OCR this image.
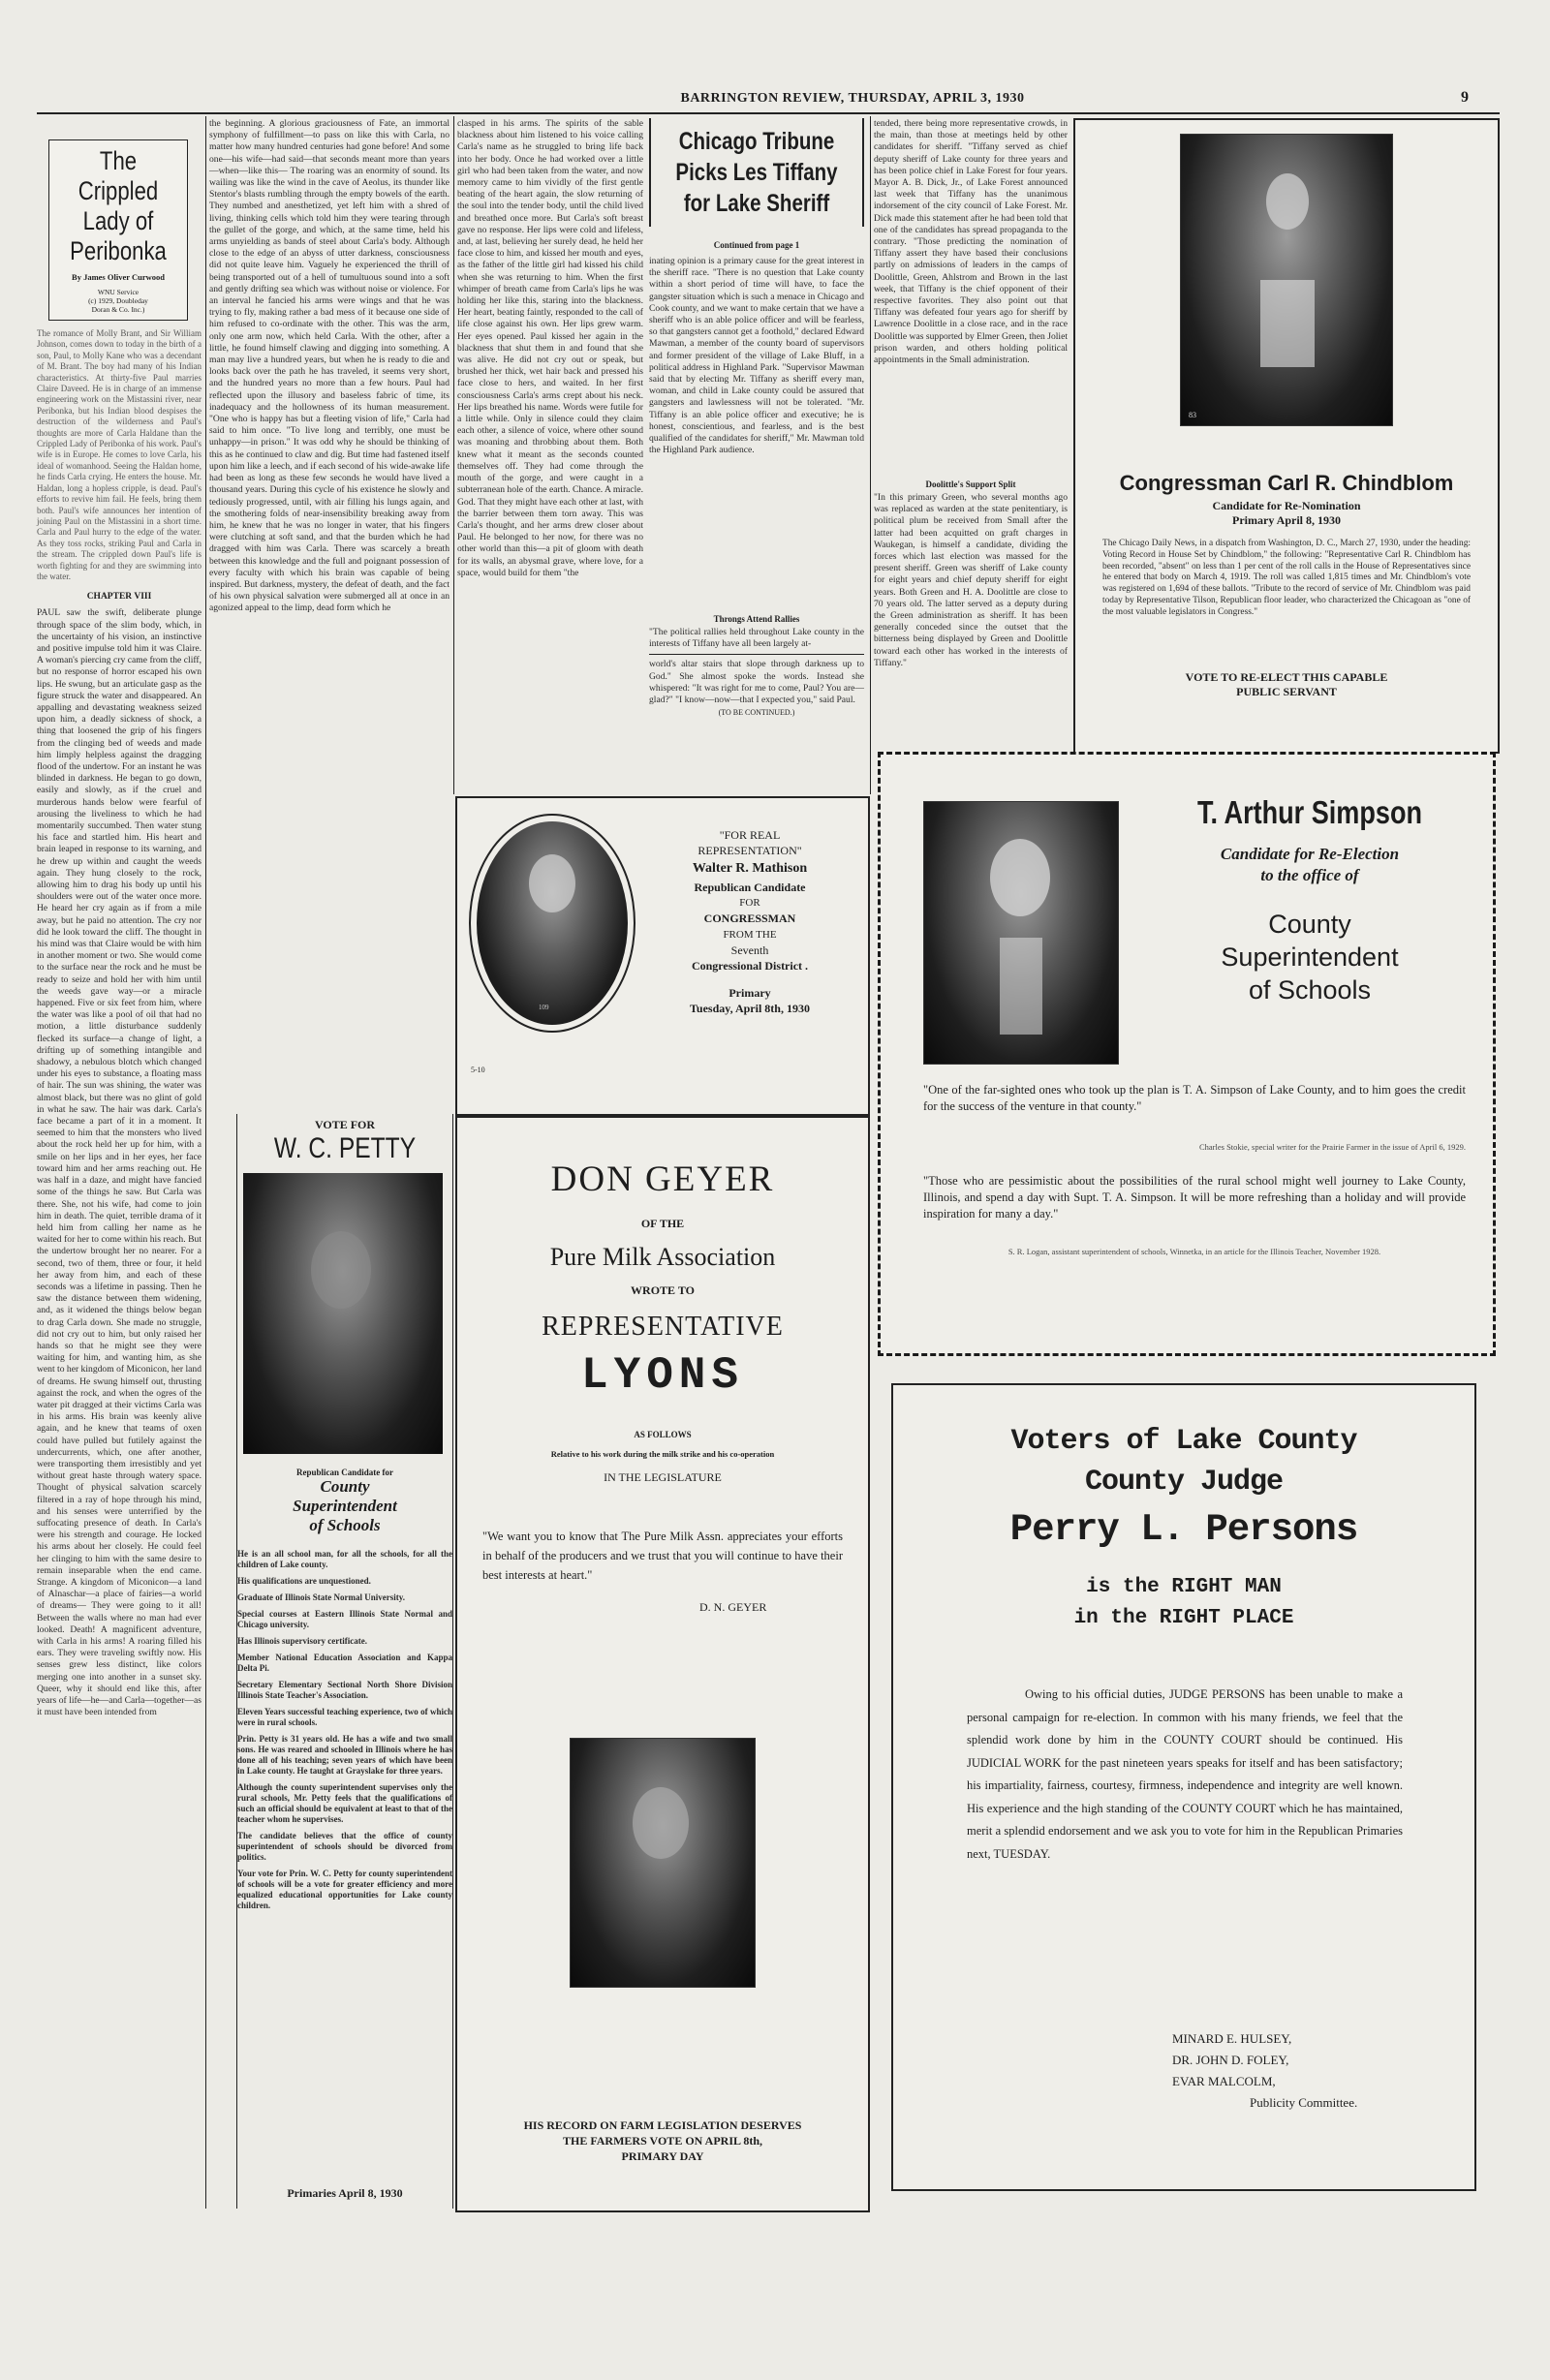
BARRINGTON REVIEW, THURSDAY, APRIL 3, 1930	9
The Crippled
Lady of
Peribonka
By James Oliver Curwood
WNU Service
(c) 1929, Doubleday
Doran & Co. Inc.)
The romance of Molly Brant, and Sir William Johnson, comes down to today in the birth of a son, Paul, to Molly Kane who was a decendant of M. Brant. The boy had many of his Indian characteristics. At thirty-five Paul marries Claire Daveed. He is in charge of an immense engineering work on the Mistassini river, near Peribonka, but his Indian blood despises the destruction of the wilderness and Paul's thoughts are more of Carla Haldane than the Crippled Lady of Peribonka of his work. Paul's wife is in Europe. He comes to love Carla, his ideal of womanhood. Seeing the Haldan home, he finds Carla crying. He enters the house. Mr. Haldan, long a hopless cripple, is dead. Paul's efforts to revive him fail. He feels, bring them both. Paul's wife announces her intention of joining Paul on the Mistassini in a short time. Carla and Paul hurry to the edge of the water. As they toss rocks, striking Paul and Carla in the stream. The crippled down Paul's life is worth fighting for and they are swimming into the water.
CHAPTER VIII
PAUL saw the swift, deliberate plunge through space of the slim body, which, in the uncertainty of his vision, an instinctive and positive impulse told him it was Claire. A woman's piercing cry came from the cliff, but no response of horror escaped his own lips. He swung, but an articulate gasp as the figure struck the water and disappeared. An appalling and devastating weakness seized upon him, a deadly sickness of shock, a thing that loosened the grip of his fingers from the clinging bed of weeds and made him limply helpless against the dragging flood of the undertow. For an instant he was blinded in darkness. He began to go down, easily and slowly, as if the cruel and murderous hands below were fearful of arousing the liveliness to which he had momentarily succumbed. Then water stung his face and startled him. His heart and brain leaped in response to its warning, and he drew up within and caught the weeds again. They hung closely to the rock, allowing him to drag his body up until his shoulders were out of the water once more. He heard her cry again as if from a mile away, but he paid no attention. The cry nor did he look toward the cliff. The thought in his mind was that Claire would be with him in another moment or two. She would come to the surface near the rock and he must be ready to seize and hold her with him until the weeds gave way—or a miracle happened. Five or six feet from him, where the water was like a pool of oil that had no motion, a little disturbance suddenly flecked its surface—a change of light, a drifting up of something intangible and shadowy, a nebulous blotch which changed under his eyes to substance, a floating mass of hair. The sun was shining, the water was almost black, but there was no glint of gold in what he saw. The hair was dark. Carla's face became a part of it in a moment. It seemed to him that the monsters who lived about the rock held her up for him, with a smile on her lips and in her eyes, her face toward him and her arms reaching out. He was half in a daze, and might have fancied some of the things he saw. But Carla was there. She, not his wife, had come to join him in death. The quiet, terrible drama of it held him from calling her name as he waited for her to come within his reach. But the undertow brought her no nearer. For a second, two of them, three or four, it held her away from him, and each of these seconds was a lifetime in passing. Then he saw the distance between them widening, and, as it widened the things below began to drag Carla down. She made no struggle, did not cry out to him, but only raised her hands so that he might see they were waiting for him, and wanting him, as she went to her kingdom of Miconicon, her land of dreams. He swung himself out, thrusting against the rock, and when the ogres of the water pit dragged at their victims Carla was in his arms. His brain was keenly alive again, and he knew that teams of oxen could have pulled but futilely against the undercurrents, which, one after another, were transporting them irresistibly and yet without great haste through watery space. Thought of physical salvation scarcely filtered in a ray of hope through his mind, and his senses were unterrified by the suffocating presence of death. In Carla's were his strength and courage. He locked his arms about her closely. He could feel her clinging to him with the same desire to remain inseparable when the end came. Strange. A kingdom of Miconicon—a land of Alnaschar—a place of fairies—a world of dreams— They were going to it all! Between the walls where no man had ever looked. Death! A magnificent adventure, with Carla in his arms! A roaring filled his ears. They were traveling swiftly now. His senses grew less distinct, like colors merging one into another in a sunset sky. Queer, why it should end like this, after years of life—he—and Carla—together—as it must have been intended from
the beginning. A glorious graciousness of Fate, an immortal symphony of fulfillment—to pass on like this with Carla, no matter how many hundred centuries had gone before! And some one—his wife—had said—that seconds meant more than years—when—like this— The roaring was an enormity of sound. Its wailing was like the wind in the cave of Aeolus, its thunder like Stentor's blasts rumbling through the empty bowels of the earth. They numbed and anesthetized, yet left him with a shred of living, thinking cells which told him they were tearing through the gullet of the gorge, and which, at the same time, held his arms unyielding as bands of steel about Carla's body. Although close to the edge of an abyss of utter darkness, consciousness did not quite leave him. Vaguely he experienced the thrill of being transported out of a hell of tumultuous sound into a soft and gently drifting sea which was without noise or violence. For an interval he fancied his arms were wings and that he was trying to fly, making rather a bad mess of it because one side of him refused to co-ordinate with the other. This was the arm, only one arm now, which held Carla. With the other, after a little, he found himself clawing and digging into something. A man may live a hundred years, but when he is ready to die and looks back over the path he has traveled, it seems very short, and the hundred years no more than a few hours. Paul had reflected upon the illusory and baseless fabric of time, its inadequacy and the hollowness of its human measurement. "One who is happy has but a fleeting vision of life," Carla had said to him once. "To live long and terribly, one must be unhappy—in prison." It was odd why he should be thinking of this as he continued to claw and dig. But time had fastened itself upon him like a leech, and if each second of his wide-awake life had been as long as these few seconds he would have lived a thousand years. During this cycle of his existence he slowly and tediously progressed, until, with air filling his lungs again, and the smothering folds of near-insensibility breaking away from him, he knew that he was no longer in water, that his fingers were clutching at soft sand, and that the burden which he had dragged with him was Carla. There was scarcely a breath between this knowledge and the full and poignant possession of every faculty with which his brain was capable of being inspired. But darkness, mystery, the defeat of death, and the fact of his own physical salvation were submerged all at once in an agonized appeal to the limp, dead form which he
clasped in his arms. The spirits of the sable blackness about him listened to his voice calling Carla's name as he struggled to bring life back into her body. Once he had worked over a little girl who had been taken from the water, and now memory came to him vividly of the first gentle beating of the heart again, the slow returning of the soul into the tender body, until the child lived and breathed once more. But Carla's soft breast gave no response. Her lips were cold and lifeless, and, at last, believing her surely dead, he held her face close to him, and kissed her mouth and eyes, as the father of the little girl had kissed his child when she was returning to him. When the first whimper of breath came from Carla's lips he was holding her like this, staring into the blackness. Her heart, beating faintly, responded to the call of life close against his own. Her lips grew warm. Her eyes opened. Paul kissed her again in the blackness that shut them in and found that she was alive. He did not cry out or speak, but brushed her thick, wet hair back and pressed his face close to hers, and waited. In her first consciousness Carla's arms crept about his neck. Her lips breathed his name. Words were futile for a little while. Only in silence could they claim each other, a silence of voice, where other sound was moaning and throbbing about them. Both knew what it meant as the seconds counted themselves off. They had come through the mouth of the gorge, and were caught in a subterranean hole of the earth. Chance. A miracle. God. That they might have each other at last, with the barrier between them torn away. This was Carla's thought, and her arms drew closer about Paul. He belonged to her now, for there was no other world than this—a pit of gloom with death for its walls, an abysmal grave, where love, for a space, would build for them "the
Chicago Tribune
Picks Les Tiffany
for Lake Sheriff
Continued from page 1
inating opinion is a primary cause for the great interest in the sheriff race. "There is no question that Lake county within a short period of time will have, to face the gangster situation which is such a menace in Chicago and Cook county, and we want to make certain that we have a sheriff who is an able police officer and will be fearless, so that gangsters cannot get a foothold," declared Edward Mawman, a member of the county board of supervisors and former president of the village of Lake Bluff, in a political address in Highland Park. "Supervisor Mawman said that by electing Mr. Tiffany as sheriff every man, woman, and child in Lake county could be assured that gangsters and lawlessness will not be tolerated. "Mr. Tiffany is an able police officer and executive; he is honest, conscientious, and fearless, and is the best qualified of the candidates for sheriff," Mr. Mawman told the Highland Park audience.
Throngs Attend Rallies
"The political rallies held throughout Lake county in the interests of Tiffany have all been largely at-
world's altar stairs that slope through darkness up to God." She almost spoke the words. Instead she whispered: "It was right for me to come, Paul? You are—glad?" "I know—now—that I expected you," said Paul.
(TO BE CONTINUED.)
tended, there being more representative crowds, in the main, than those at meetings held by other candidates for sheriff. "Tiffany served as chief deputy sheriff of Lake county for three years and has been police chief in Lake Forest for four years. Mayor A. B. Dick, Jr., of Lake Forest announced last week that Tiffany has the unanimous indorsement of the city council of Lake Forest. Mr. Dick made this statement after he had been told that one of the candidates has spread propaganda to the contrary. "Those predicting the nomination of Tiffany assert they have based their conclusions partly on admissions of leaders in the camps of Doolittle, Green, Ahlstrom and Brown in the last week, that Tiffany is the chief opponent of their respective favorites. They also point out that Tiffany was defeated four years ago for sheriff by Lawrence Doolittle in a close race, and in the race Doolittle was supported by Elmer Green, then Joliet prison warden, and others holding political appointments in the Small administration.
Doolittle's Support Split
"In this primary Green, who several months ago was replaced as warden at the state penitentiary, is political plum be received from Small after the latter had been acquitted on graft charges in Waukegan, is himself a candidate, dividing the forces which last election was massed for the present sheriff. Green was sheriff of Lake county for eight years and chief deputy sheriff for eight years. Both Green and H. A. Doolittle are close to 70 years old. The latter served as a deputy during the Green administration as sheriff. It has been generally conceded since the outset that the bitterness being displayed by Green and Doolittle toward each other has worked in the interests of Tiffany."
83
Congressman Carl R. Chindblom
Candidate for Re-Nomination
Primary April 8, 1930
The Chicago Daily News, in a dispatch from Washington, D. C., March 27, 1930, under the heading: Voting Record in House Set by Chindblom," the following: "Representative Carl R. Chindblom has been recorded, "absent" on less than 1 per cent of the roll calls in the House of Representatives since he entered that body on March 4, 1919. The roll was called 1,815 times and Mr. Chindblom's vote was registered on 1,694 of these ballots. "Tribute to the record of service of Mr. Chindblom was paid today by Representative Tilson, Republican floor leader, who characterized the Chicagoan as "one of the most valuable legislators in Congress."
VOTE TO RE-ELECT THIS CAPABLE
PUBLIC SERVANT
109
5-10
"FOR REAL
REPRESENTATION"
Walter R. Mathison
Republican Candidate
FOR
CONGRESSMAN
FROM THE
Seventh
Congressional District .
Primary
Tuesday, April 8th, 1930
T. Arthur Simpson
Candidate for Re-Election
to the office of
County
Superintendent
of Schools
"One of the far-sighted ones who took up the plan is T. A. Simpson of Lake County, and to him goes the credit for the success of the venture in that county."
Charles Stokie, special writer for the Prairie Farmer in the issue of April 6, 1929.
"Those who are pessimistic about the possibilities of the rural school might well journey to Lake County, Illinois, and spend a day with Supt. T. A. Simpson. It will be more refreshing than a holiday and will provide inspiration for many a day."
S. R. Logan, assistant superintendent of schools, Winnetka, in an article for the Illinois Teacher, November 1928.
VOTE FOR
W. C. PETTY
Republican Candidate for
County
Superintendent
of Schools

He is an all school man, for all the schools, for all the children of Lake county.

His qualifications are unquestioned.

Graduate of Illinois State Normal University.

Special courses at Eastern Illinois State Normal and Chicago university.

Has Illinois supervisory certificate.

Member National Education Association and Kappa Delta Pi.

Secretary Elementary Sectional North Shore Division Illinois State Teacher's Association.

Eleven Years successful teaching experience, two of which were in rural schools.

Prin. Petty is 31 years old. He has a wife and two small sons. He was reared and schooled in Illinois where he has done all of his teaching; seven years of which have been in Lake county. He taught at Grayslake for three years.

Although the county superintendent supervises only the rural schools, Mr. Petty feels that the qualifications of such an official should be equivalent at least to that of the teacher whom he supervises.

The candidate believes that the office of county superintendent of schools should be divorced from politics.

Your vote for Prin. W. C. Petty for county superintendent of schools will be a vote for greater efficiency and more equalized educational opportunities for Lake county children.

Primaries April 8, 1930
DON GEYER
OF THE
Pure Milk Association
WROTE TO
REPRESENTATIVE
LYONS
AS FOLLOWS
Relative to his work during the milk strike and his co-operation
IN THE LEGISLATURE
"We want you to know that The Pure Milk Assn. appreciates your efforts in behalf of the producers and we trust that you will continue to have their best interests at heart."
D. N. GEYER
HIS RECORD ON FARM LEGISLATION DESERVES
THE FARMERS VOTE ON APRIL 8th,
PRIMARY DAY
Voters of Lake County
County Judge
Perry L. Persons
is the RIGHT MAN
in the RIGHT PLACE
Owing to his official duties, JUDGE PERSONS has been unable to make a personal campaign for re-election. In common with his many friends, we feel that the splendid work done by him in the COUNTY COURT should be continued. His JUDICIAL WORK for the past nineteen years speaks for itself and has been satisfactory; his impartiality, fairness, courtesy, firmness, independence and integrity are well known. His experience and the high standing of the COUNTY COURT which he has maintained, merit a splendid endorsement and we ask you to vote for him in the Republican Primaries next, TUESDAY.
MINARD E. HULSEY,
DR. JOHN D. FOLEY,
EVAR MALCOLM,
Publicity Committee.
